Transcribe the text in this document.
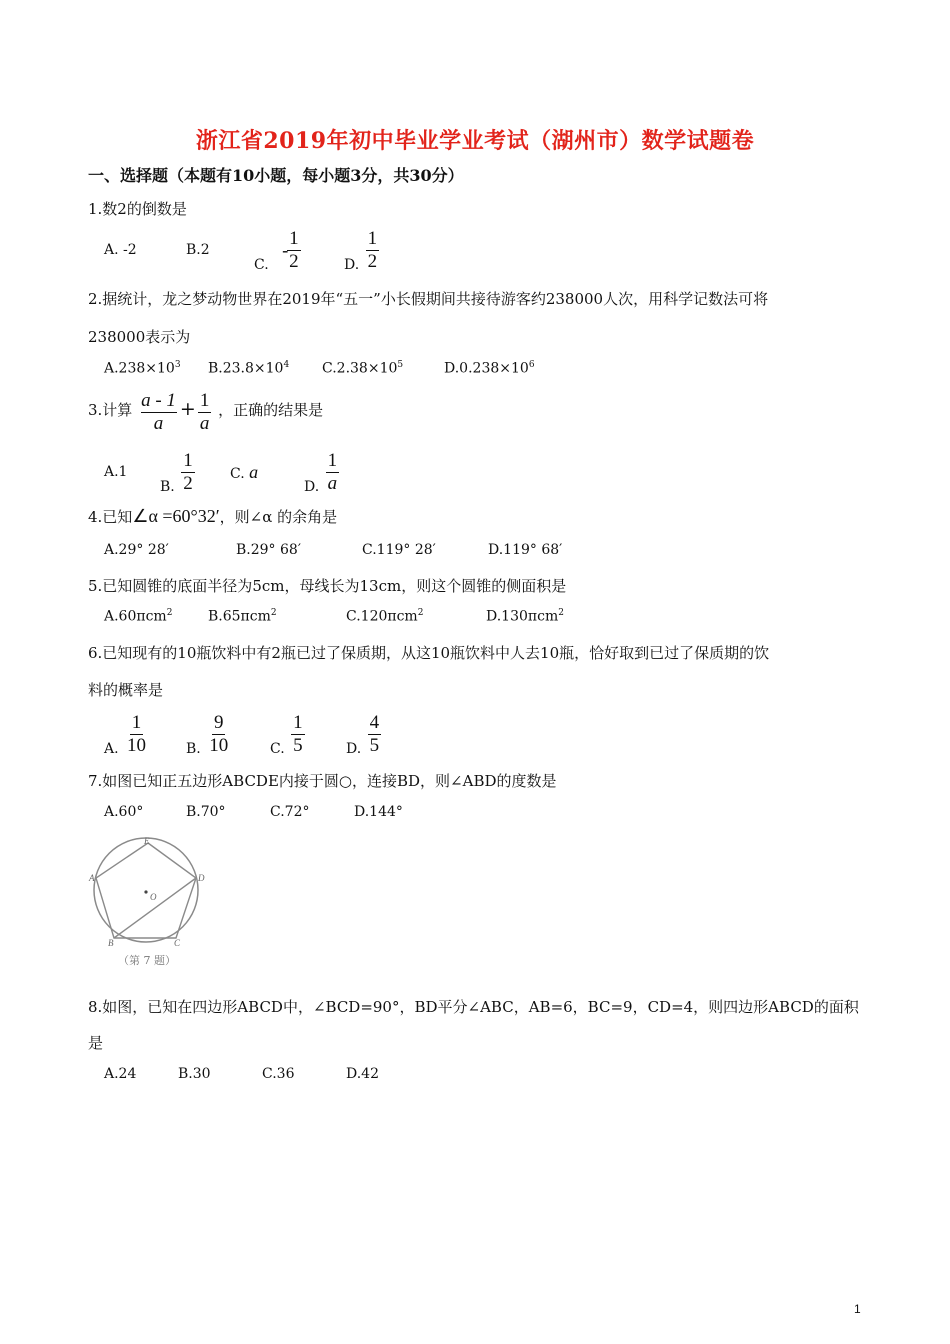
浙江省2019年初中毕业学业考试（湖州市）数学试题卷
一、选择题（本题有10小题，每小题3分，共30分）
1.数2的倒数是
A. -2	B.2
C. $\frac{1}{2}$
-
D. $\frac{1}{2}$
2.据统计，龙之梦动物世界在2019年“五一”小长假期间共接待游客约238000人次，用科学记数法可将
238000表示为
$A.238\times 10^3$ $B.23.8\times 10^4$ $C.2.38\times 10^5$	$D.0.238\times 10^6$
3.计算 $\frac{a - 1}{a} + \frac{1}{a}$ ，正确的结果是
A.1
B. $\frac{1}{2}$	C. a
D. $\frac{1}{a}$
4.已知∠α =60°32′，则∠α 的余角是
A.29° 28′	B.29° 68′	C.119° 28′	D.119° 68′
5.已知圆锥的底面半径为5cm，母线长为13cm，则这个圆锥的侧面积是
A.60πcm$^2$	B.65πcm$^2$	C.120πcm$^2$	D.130πcm$^2$
6.已知现有的10瓶饮料中有2瓶已过了保质期，从这10瓶饮料中人去10瓶，恰好取到已过了保质期的饮
料的概率是
A. $\frac{1}{10}$	B. $\frac{9}{10}$	C. $\frac{1}{5}$	D. $\frac{4}{5}$
7.如图已知正五边形ABCDE内接于圆○，连接BD，则∠ABD的度数是
A.60°	B.70°	C.72°	D.144°
E
D
A
O
B	C
（第 7 题）
8.如图，已知在四边形ABCD中，∠BCD=90°，BD平分∠ABC，AB=6，BC=9，CD=4，则四边形ABCD的面积
是
A.24	B.30	C.36	D.42
1
